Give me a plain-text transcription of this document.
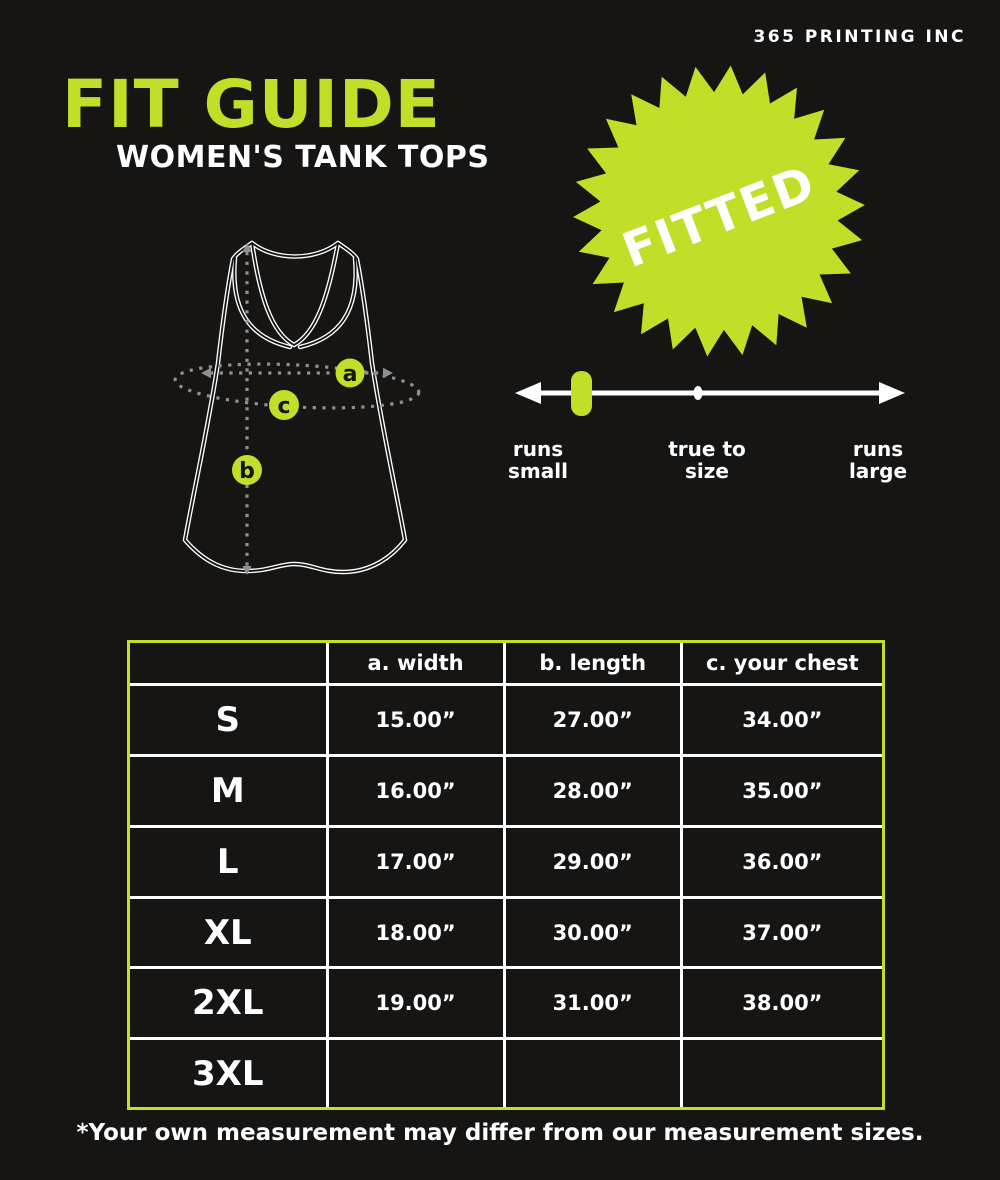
365 PRINTING INC
FIT GUIDE
WOMEN'S TANK TOPS	FITTED
a
c
b
runs
small
true to
size
runs
large
	a. width	b. length	c. your chest
S	15.00”	27.00”	34.00”
M	16.00”	28.00”	35.00”
L	17.00”	29.00”	36.00”
XL	18.00”	30.00”	37.00”
2XL	19.00”	31.00”	38.00”
3XL			
*Your own measurement may differ from our measurement sizes.
